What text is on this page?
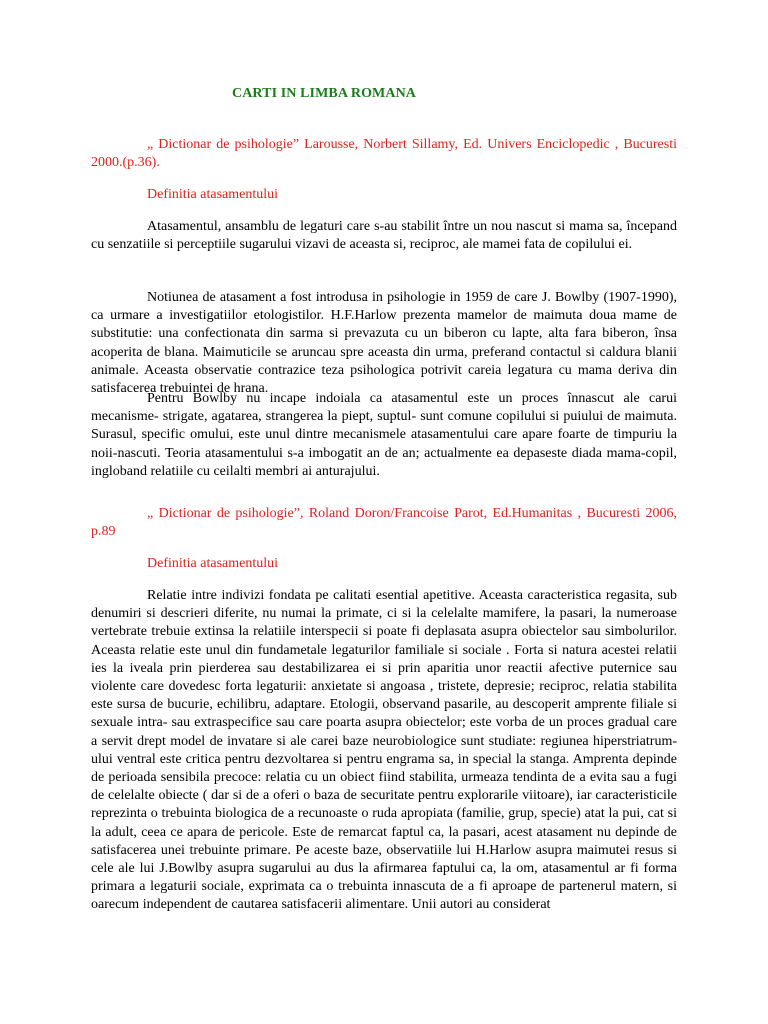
CARTI IN LIMBA ROMANA

„ Dictionar de psihologie” Larousse, Norbert Sillamy, Ed. Univers Enciclopedic , Bucuresti 2000.(p.36).

Definitia atasamentului

Atasamentul, ansamblu de legaturi care s-au stabilit între un nou nascut si mama sa, începand cu senzatiile si perceptiile sugarului vizavi de aceasta si, reciproc, ale mamei fata de copilului ei.

Notiunea de atasament a fost introdusa in psihologie in 1959 de care J. Bowlby (1907-1990), ca urmare a investigatiilor etologistilor. H.F.Harlow prezenta mamelor de maimuta doua mame de substitutie: una confectionata din sarma si prevazuta cu un biberon cu lapte, alta fara biberon, însa acoperita de blana. Maimuticile se aruncau spre aceasta din urma, preferand contactul si caldura blanii animale. Aceasta observatie contrazice teza psihologica potrivit careia legatura cu mama deriva din satisfacerea trebuintei de hrana.

Pentru Bowlby nu incape indoiala ca atasamentul este un proces înnascut ale carui mecanisme- strigate, agatarea, strangerea la piept, suptul- sunt comune copilului si puiului de maimuta. Surasul, specific omului, este unul dintre mecanismele atasamentului care apare foarte de timpuriu la noii-nascuti. Teoria atasamentului s-a imbogatit an de an; actualmente ea depaseste diada mama-copil, ingloband relatiile cu ceilalti membri ai anturajului.

„ Dictionar de psihologie”, Roland Doron/Francoise Parot, Ed.Humanitas , Bucuresti 2006, p.89

Definitia atasamentului

Relatie intre indivizi fondata pe calitati esential apetitive. Aceasta caracteristica regasita, sub denumiri si descrieri diferite, nu numai la primate, ci si la celelalte mamifere, la pasari, la numeroase vertebrate trebuie extinsa la relatiile interspecii si poate fi deplasata asupra obiectelor sau simbolurilor. Aceasta relatie este unul din fundametale legaturilor familiale si sociale . Forta si natura acestei relatii ies la iveala prin pierderea sau destabilizarea ei si prin aparitia unor reactii afective puternice sau violente care dovedesc forta legaturii: anxietate si angoasa , tristete, depresie; reciproc, relatia stabilita este sursa de bucurie, echilibru, adaptare. Etologii, observand pasarile, au descoperit amprente filiale si sexuale intra- sau extraspecifice sau care poarta asupra obiectelor; este vorba de un proces gradual care a servit drept model de invatare si ale carei baze neurobiologice sunt studiate: regiunea hiperstriatrum-ului ventral este critica pentru dezvoltarea si pentru engrama sa, in special la stanga. Amprenta depinde de perioada sensibila precoce: relatia cu un obiect fiind stabilita, urmeaza tendinta de a evita sau a fugi de celelalte obiecte ( dar si de a oferi o baza de securitate pentru explorarile viitoare), iar caracteristicile reprezinta o trebuinta biologica de a recunoaste o ruda apropiata (familie, grup, specie) atat la pui, cat si la adult, ceea ce apara de pericole. Este de remarcat faptul ca, la pasari, acest atasament nu depinde de satisfacerea unei trebuinte primare. Pe aceste baze, observatiile lui H.Harlow asupra maimutei resus si cele ale lui J.Bowlby asupra sugarului au dus la afirmarea faptului ca, la om, atasamentul ar fi forma primara a legaturii sociale, exprimata ca o trebuinta innascuta de a fi aproape de partenerul matern, si oarecum independent de cautarea satisfacerii alimentare. Unii autori au considerat
